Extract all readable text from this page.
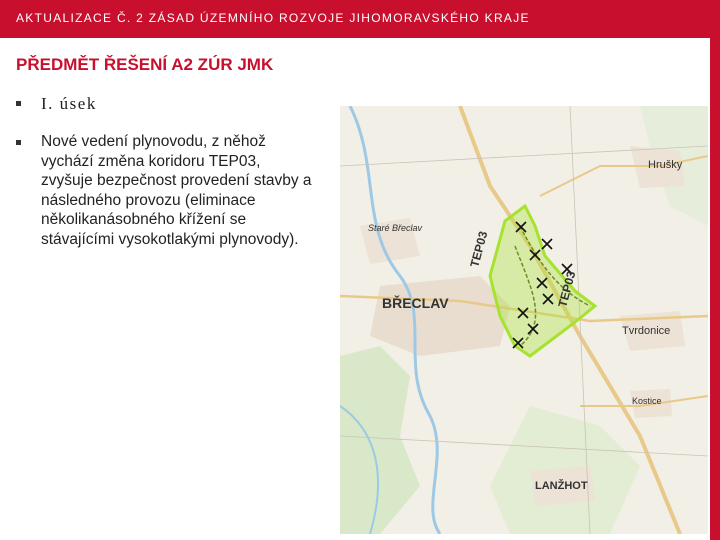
AKTUALIZACE Č. 2 ZÁSAD ÚZEMNÍHO ROZVOJE JIHOMORAVSKÉHO KRAJE
PŘEDMĚT ŘEŠENÍ A2 ZÚR JMK
I. úsek
Nové vedení plynovodu, z něhož vychází změna koridoru TEP03, zvyšuje bezpečnost provedení stavby a následného provozu (eliminace několikanásobného křížení se stávajícími vysokotlakými plynovody).
BŘECLAV
Staré Břeclav
Hrušky
Tvrdonice
Kostice
LANŽHOT
TEP03
TEP03
